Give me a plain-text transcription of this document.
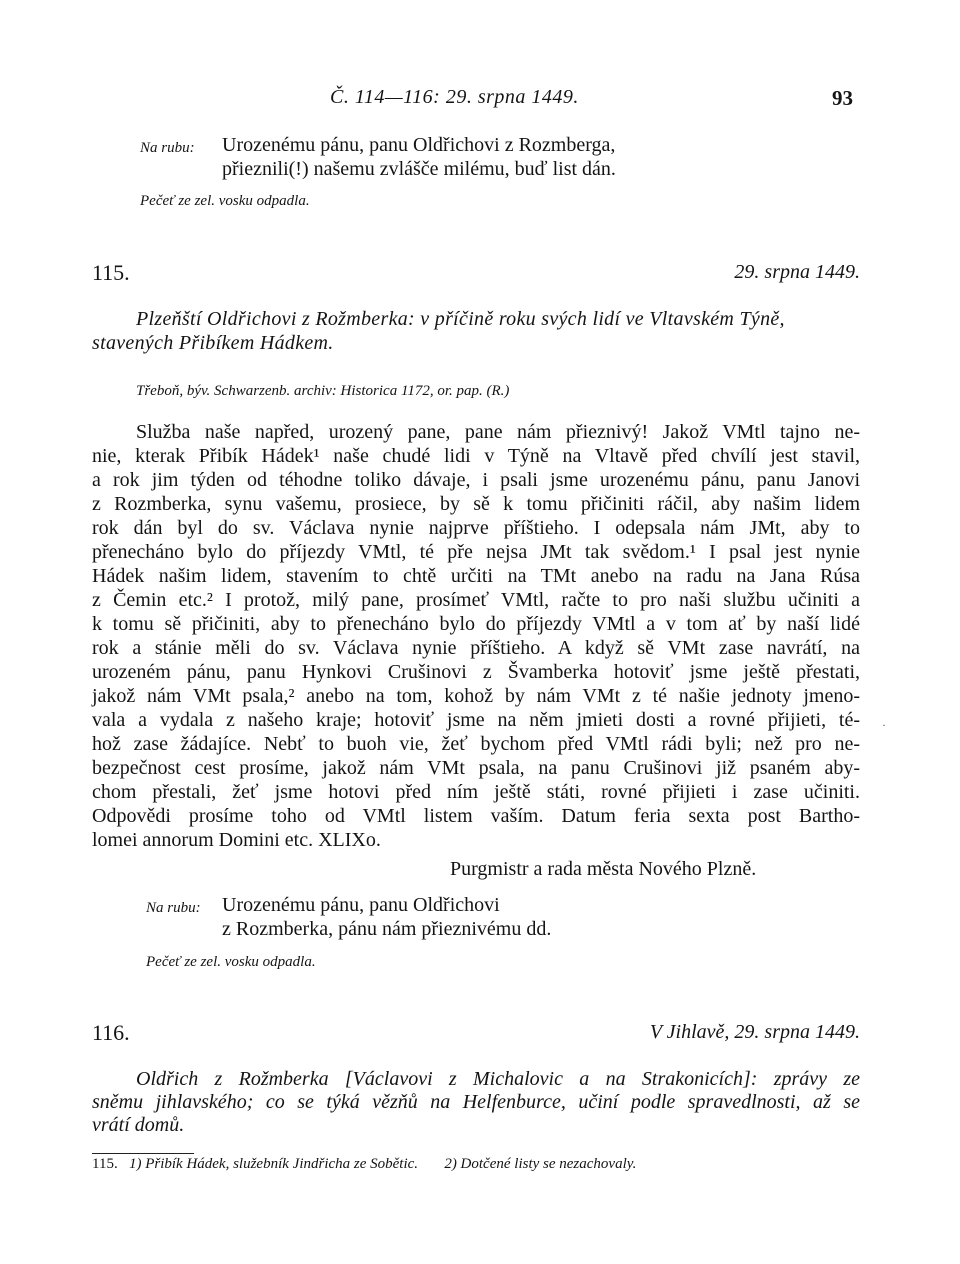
Č. 114—116: 29. srpna 1449.	93
Na rubu: Urozenému pánu, panu Oldřichovi z Rozmberga,
přieznili(!) našemu zvlášče milému, buď list dán.
Pečeť ze zel. vosku odpadla.
115.	29. srpna 1449.
Plzeňští Oldřichovi z Rožmberka: v příčině roku svých lidí ve Vltavském Týně,
stavených Přibíkem Hádkem.
Třeboň, býv. Schwarzenb. archiv: Historica 1172, or. pap. (R.)
Služba naše napřed, urozený pane, pane nám přieznivý! Jakož VMtl tajno ne-
nie, kterak Přibík Hádek¹ naše chudé lidi v Týně na Vltavě před chvílí jest stavil,
a rok jim týden od téhodne toliko dávaje, i psali jsme urozenému pánu, panu Janovi
z Rozmberka, synu vašemu, prosiece, by sě k tomu přičiniti ráčil, aby našim lidem
rok dán byl do sv. Václava nynie najprve příštieho. I odepsala nám JMt, aby to
přenecháno bylo do příjezdy VMtl, té pře nejsa JMt tak svědom.¹ I psal jest nynie
Hádek našim lidem, stavením to chtě určiti na TMt anebo na radu na Jana Rúsa
z Čemin etc.² I protož, milý pane, prosímeť VMtl, račte to pro naši službu učiniti a
k tomu sě přičiniti, aby to přenecháno bylo do příjezdy VMtl a v tom ať by naší lidé
rok a stánie měli do sv. Václava nynie příštieho. A když sě VMt zase navrátí, na
urozeném pánu, panu Hynkovi Crušinovi z Švamberka hotoviť jsme ještě přestati,
jakož nám VMt psala,² anebo na tom, kohož by nám VMt z té našie jednoty jmeno-
vala a vydala z našeho kraje; hotoviť jsme na něm jmieti dosti a rovné přijieti, té-
hož zase žádajíce. Nebť to buoh vie, žeť bychom před VMtl rádi byli; než pro ne-
bezpečnost cest prosíme, jakož nám VMt psala, na panu Crušinovi již psaném aby-
chom přestali, žeť jsme hotovi před ním ještě státi, rovné přijieti i zase učiniti.
Odpovědi prosíme toho od VMtl listem vaším. Datum feria sexta post Bartho-
lomei annorum Domini etc. XLIXo.
·
Purgmistr a rada města Nového Plzně.
Na rubu: Urozenému pánu, panu Oldřichovi
z Rozmberka, pánu nám přieznivému dd.
Pečeť ze zel. vosku odpadla.
116.	V Jihlavě, 29. srpna 1449.
Oldřich z Rožmberka [Václavovi z Michalovic a na Strakonicích]: zprávy ze
sněmu jihlavského; co se týká vězňů na Helfenburce, učiní podle spravedlnosti, až se
vrátí domů.
115. 1) Přibík Hádek, služebník Jindřicha ze Sobětic. 2) Dotčené listy se nezachovaly.
